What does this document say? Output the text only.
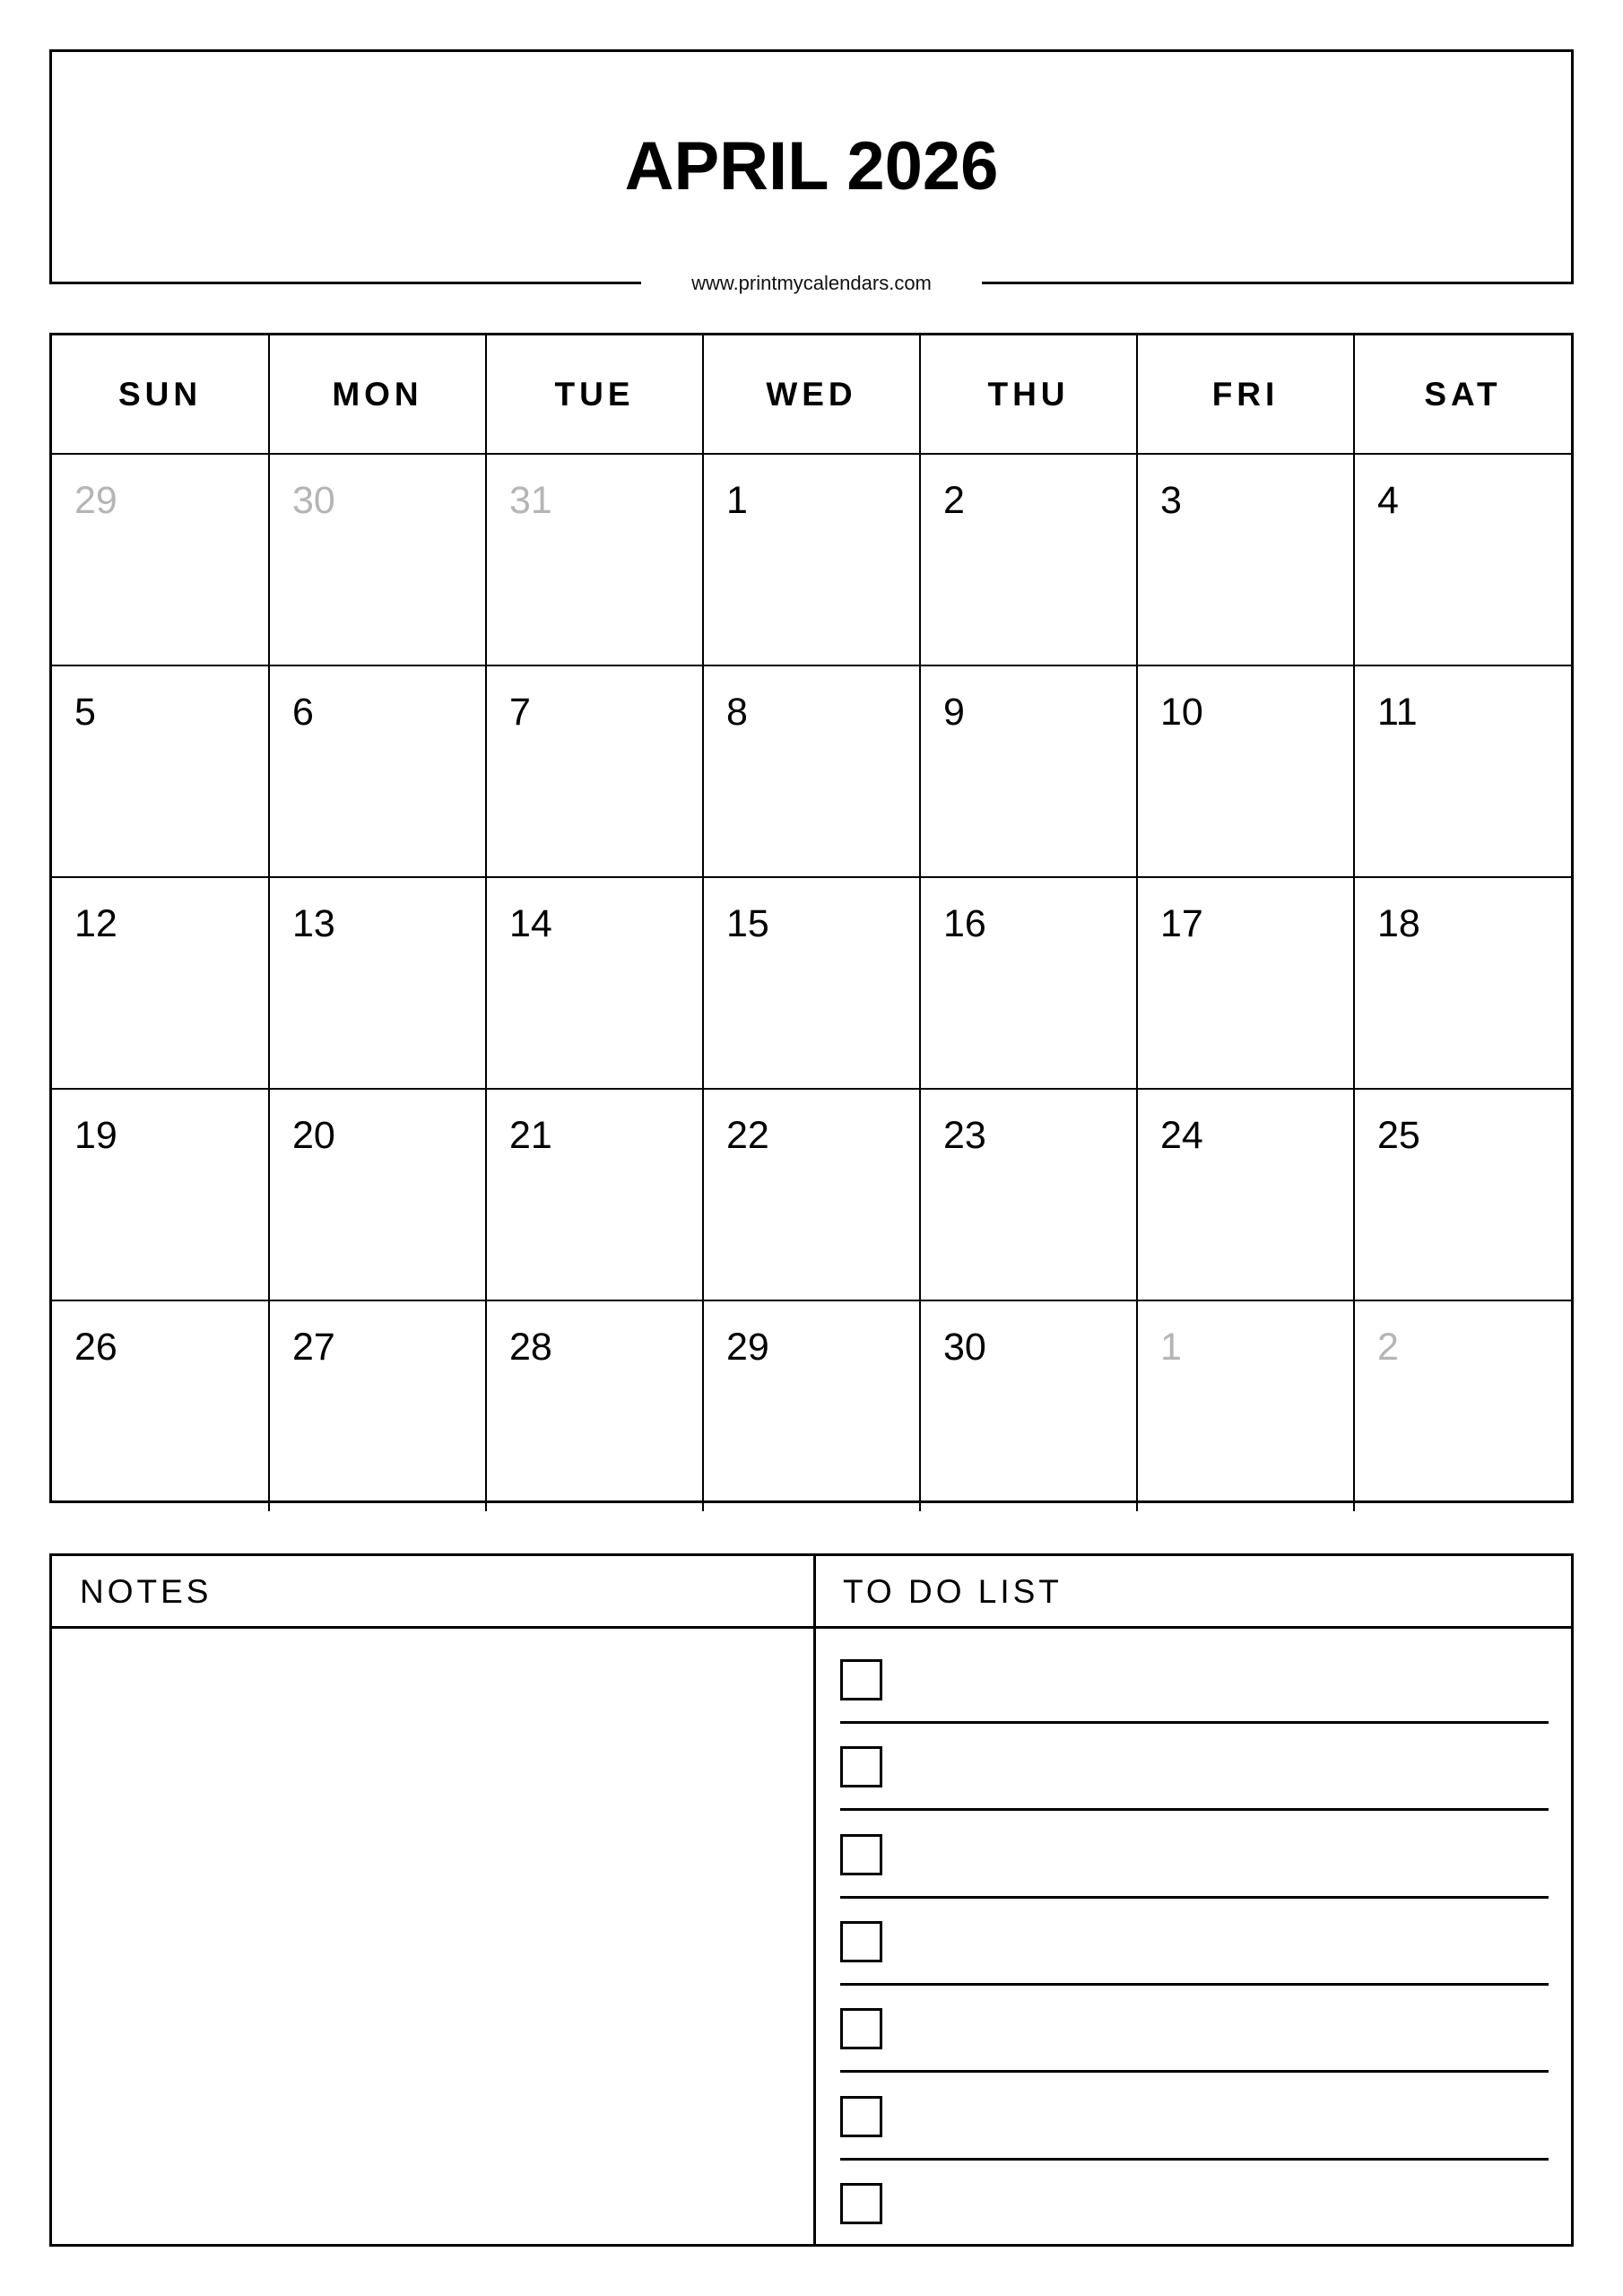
APRIL 2026
www.printmycalendars.com
SUN	MON	TUE	WED	THU	FRI	SAT

29	30	31	1	2	3	4

5	6	7	8	9	10	11

12	13	14	15	16	17	18

19	20	21	22	23	24	25

26	27	28	29	30	1	2
NOTES	TO DO LIST
